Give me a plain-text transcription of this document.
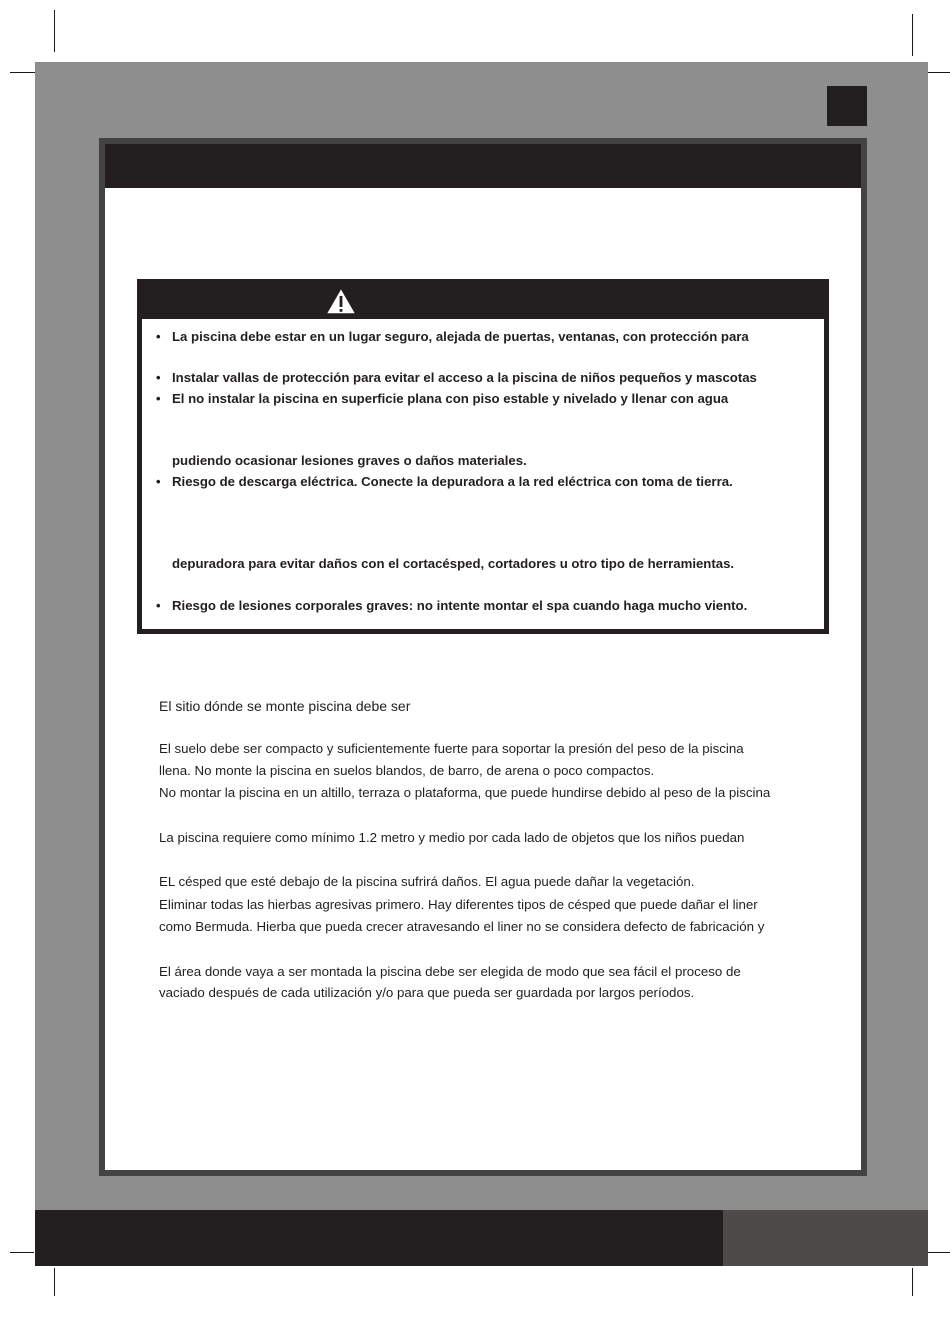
• La piscina debe estar en un lugar seguro, alejada de puertas, ventanas, con protección para
• Instalar vallas de protección para evitar el acceso a la piscina de niños pequeños y mascotas
• El no instalar la piscina en superficie plana con piso estable y nivelado y llenar con agua
pudiendo ocasionar lesiones graves o daños materiales.
• Riesgo de descarga eléctrica. Conecte la depuradora a la red eléctrica con toma de tierra.
depuradora para evitar daños con el cortacésped, cortadores u otro tipo de herramientas.
• Riesgo de lesiones corporales graves: no intente montar el spa cuando haga mucho viento.
El sitio dónde se monte piscina debe ser
El suelo debe ser compacto y suficientemente fuerte para soportar la presión del peso de la piscina
llena. No monte la piscina en suelos blandos, de barro, de arena o poco compactos.
No montar la piscina en un altillo, terraza o plataforma, que puede hundirse debido al peso de la piscina
La piscina requiere como mínimo 1.2 metro y medio por cada lado de objetos que los niños puedan
EL césped que esté debajo de la piscina sufrirá daños. El agua puede dañar la vegetación.
Eliminar todas las hierbas agresivas primero. Hay diferentes tipos de césped que puede dañar el liner
como Bermuda. Hierba que pueda crecer atravesando el liner no se considera defecto de fabricación y
El área donde vaya a ser montada la piscina debe ser elegida de modo que sea fácil el proceso de
vaciado después de cada utilización y/o para que pueda ser guardada por largos períodos.
